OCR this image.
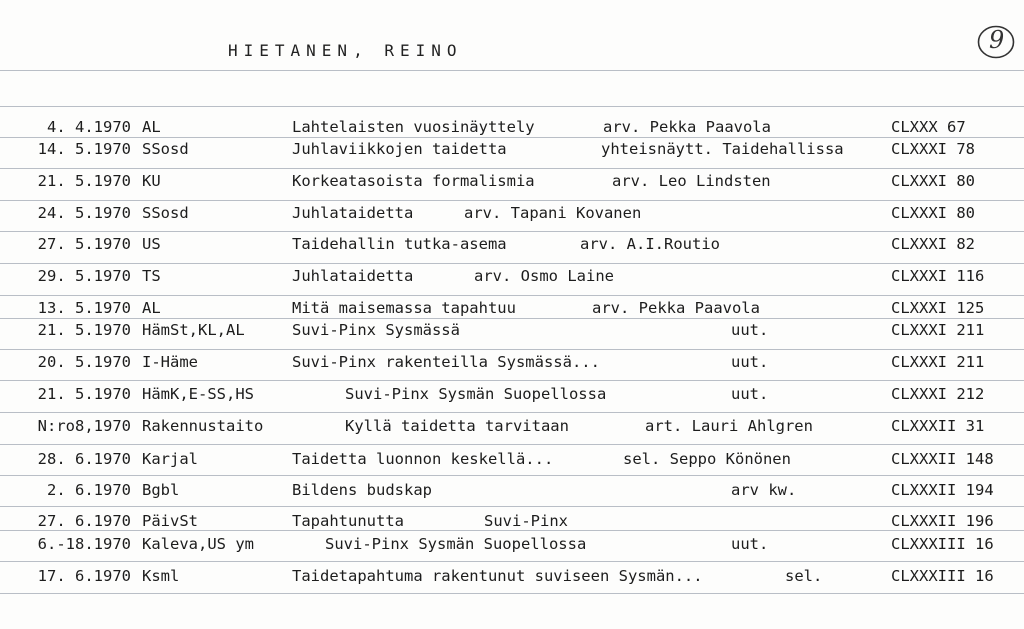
HIETANEN, REINO	9
4. 4.1970 AL	Lahtelaisten vuosinäyttely	arv. Pekka Paavola	CLXXX 67
14. 5.1970 SSosd	Juhlaviikkojen taidetta	yhteisnäytt. Taidehallissa	CLXXXI 78
21. 5.1970 KU	Korkeatasoista formalismia	arv. Leo Lindsten	CLXXXI 80
24. 5.1970 SSosd	Juhlataidetta	arv. Tapani Kovanen	CLXXXI 80
27. 5.1970 US	Taidehallin tutka-asema	arv. A.I.Routio	CLXXXI 82
29. 5.1970 TS	Juhlataidetta	arv. Osmo Laine	CLXXXI 116
13. 5.1970 AL	Mitä maisemassa tapahtuu	arv. Pekka Paavola	CLXXXI 125
21. 5.1970 HämSt,KL,AL	Suvi-Pinx Sysmässä	uut.	CLXXXI 211
20. 5.1970 I-Häme	Suvi-Pinx rakenteilla Sysmässä...	uut.	CLXXXI 211
21. 5.1970 HämK,E-SS,HS	Suvi-Pinx Sysmän Suopellossa	uut.	CLXXXI 212
N:ro8,1970 Rakennustaito	Kyllä taidetta tarvitaan	art. Lauri Ahlgren	CLXXXII 31
28. 6.1970 Karjal	Taidetta luonnon keskellä...	sel. Seppo Könönen	CLXXXII 148
2. 6.1970 Bgbl	Bildens budskap	arv kw.	CLXXXII 194
27. 6.1970 PäivSt	Tapahtunutta	Suvi-Pinx	CLXXXII 196
6.-18.1970 Kaleva,US ym	Suvi-Pinx Sysmän Suopellossa	uut.	CLXXXIII 16
17. 6.1970 Ksml	Taidetapahtuma rakentunut suviseen Sysmän...	sel.	CLXXXIII 16
